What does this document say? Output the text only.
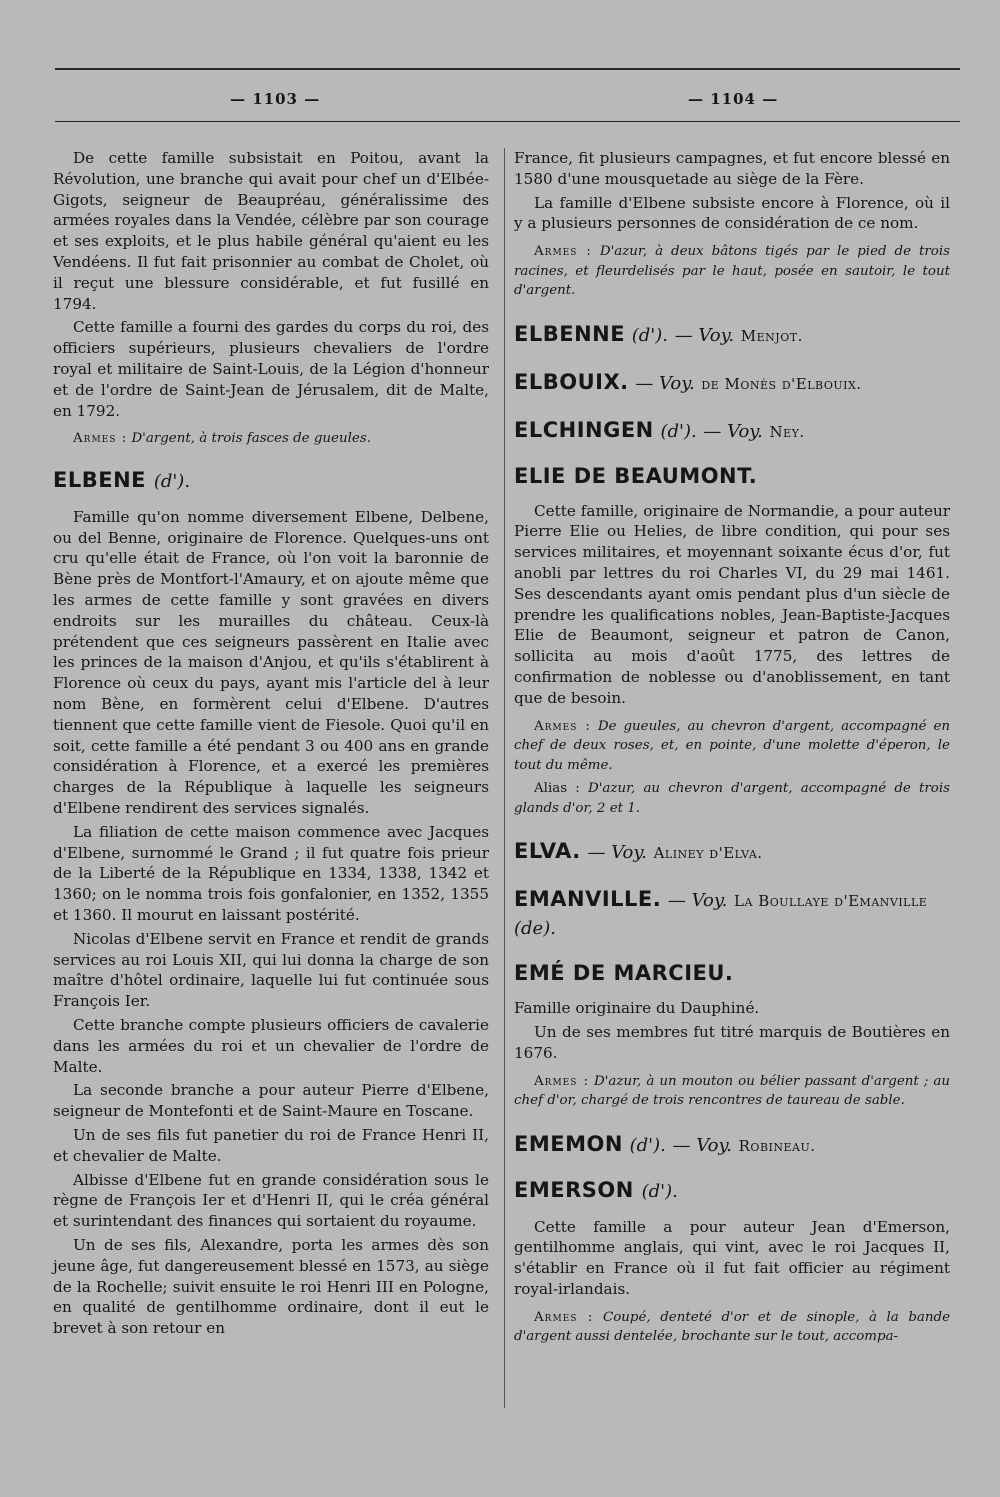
— 1103 —	— 1104 —

De cette famille subsistait en Poitou, avant la Révolution, une branche qui avait pour chef un d'Elbée-Gigots, seigneur de Beaupréau, généralissime des armées royales dans la Vendée, célèbre par son courage et ses exploits, et le plus habile général qu'aient eu les Vendéens. Il fut fait prisonnier au combat de Cholet, où il reçut une blessure considérable, et fut fusillé en 1794.

Cette famille a fourni des gardes du corps du roi, des officiers supérieurs, plusieurs chevaliers de l'ordre royal et militaire de Saint-Louis, de la Légion d'honneur et de l'ordre de Saint-Jean de Jérusalem, dit de Malte, en 1792.

Armes : D'argent, à trois fasces de gueules.

ELBENE (d').

Famille qu'on nomme diversement Elbene, Delbene, ou del Benne, originaire de Florence. Quelques-uns ont cru qu'elle était de France, où l'on voit la baronnie de Bène près de Montfort-l'Amaury, et on ajoute même que les armes de cette famille y sont gravées en divers endroits sur les murailles du château. Ceux-là prétendent que ces seigneurs passèrent en Italie avec les princes de la maison d'Anjou, et qu'ils s'établirent à Florence où ceux du pays, ayant mis l'article del à leur nom Bène, en formèrent celui d'Elbene. D'autres tiennent que cette famille vient de Fiesole. Quoi qu'il en soit, cette famille a été pendant 3 ou 400 ans en grande considération à Florence, et a exercé les premières charges de la République à laquelle les seigneurs d'Elbene rendirent des services signalés.

La filiation de cette maison commence avec Jacques d'Elbene, surnommé le Grand ; il fut quatre fois prieur de la Liberté de la République en 1334, 1338, 1342 et 1360; on le nomma trois fois gonfalonier, en 1352, 1355 et 1360. Il mourut en laissant postérité.

Nicolas d'Elbene servit en France et rendit de grands services au roi Louis XII, qui lui donna la charge de son maître d'hôtel ordinaire, laquelle lui fut continuée sous François Ier.

Cette branche compte plusieurs officiers de cavalerie dans les armées du roi et un chevalier de l'ordre de Malte.

La seconde branche a pour auteur Pierre d'Elbene, seigneur de Montefonti et de Saint-Maure en Toscane.

Un de ses fils fut panetier du roi de France Henri II, et chevalier de Malte.

Albisse d'Elbene fut en grande considération sous le règne de François Ier et d'Henri II, qui le créa général et surintendant des finances qui sortaient du royaume.

Un de ses fils, Alexandre, porta les armes dès son jeune âge, fut dangereusement blessé en 1573, au siège de la Rochelle; suivit ensuite le roi Henri III en Pologne, en qualité de gentilhomme ordinaire, dont il eut le brevet à son retour en

France, fit plusieurs campagnes, et fut encore blessé en 1580 d'une mousquetade au siège de la Fère.

La famille d'Elbene subsiste encore à Florence, où il y a plusieurs personnes de considération de ce nom.

Armes : D'azur, à deux bâtons tigés par le pied de trois racines, et fleurdelisés par le haut, posée en sautoir, le tout d'argent.

ELBENNE (d'). — Voy. Menjot.
ELBOUIX. — Voy. de Monès d'Elbouix.
ELCHINGEN (d'). — Voy. Ney.
ELIE DE BEAUMONT.

Cette famille, originaire de Normandie, a pour auteur Pierre Elie ou Helies, de libre condition, qui pour ses services militaires, et moyennant soixante écus d'or, fut anobli par lettres du roi Charles VI, du 29 mai 1461. Ses descendants ayant omis pendant plus d'un siècle de prendre les qualifications nobles, Jean-Baptiste-Jacques Elie de Beaumont, seigneur et patron de Canon, sollicita au mois d'août 1775, des lettres de confirmation de noblesse ou d'anoblissement, en tant que de besoin.

Armes : De gueules, au chevron d'argent, accompagné en chef de deux roses, et, en pointe, d'une molette d'éperon, le tout du même.

Alias : D'azur, au chevron d'argent, accompagné de trois glands d'or, 2 et 1.

ELVA. — Voy. Aliney d'Elva.
EMANVILLE. — Voy. La Boullaye d'Emanville (de).
EMÉ DE MARCIEU.

Famille originaire du Dauphiné.

Un de ses membres fut titré marquis de Boutières en 1676.

Armes : D'azur, à un mouton ou bélier passant d'argent ; au chef d'or, chargé de trois rencontres de taureau de sable.

EMEMON (d'). — Voy. Robineau.
EMERSON (d').

Cette famille a pour auteur Jean d'Emerson, gentilhomme anglais, qui vint, avec le roi Jacques II, s'établir en France où il fut fait officier au régiment royal-irlandais.

Armes : Coupé, denteté d'or et de sinople, à la bande d'argent aussi dentelée, brochante sur le tout, accompa-
